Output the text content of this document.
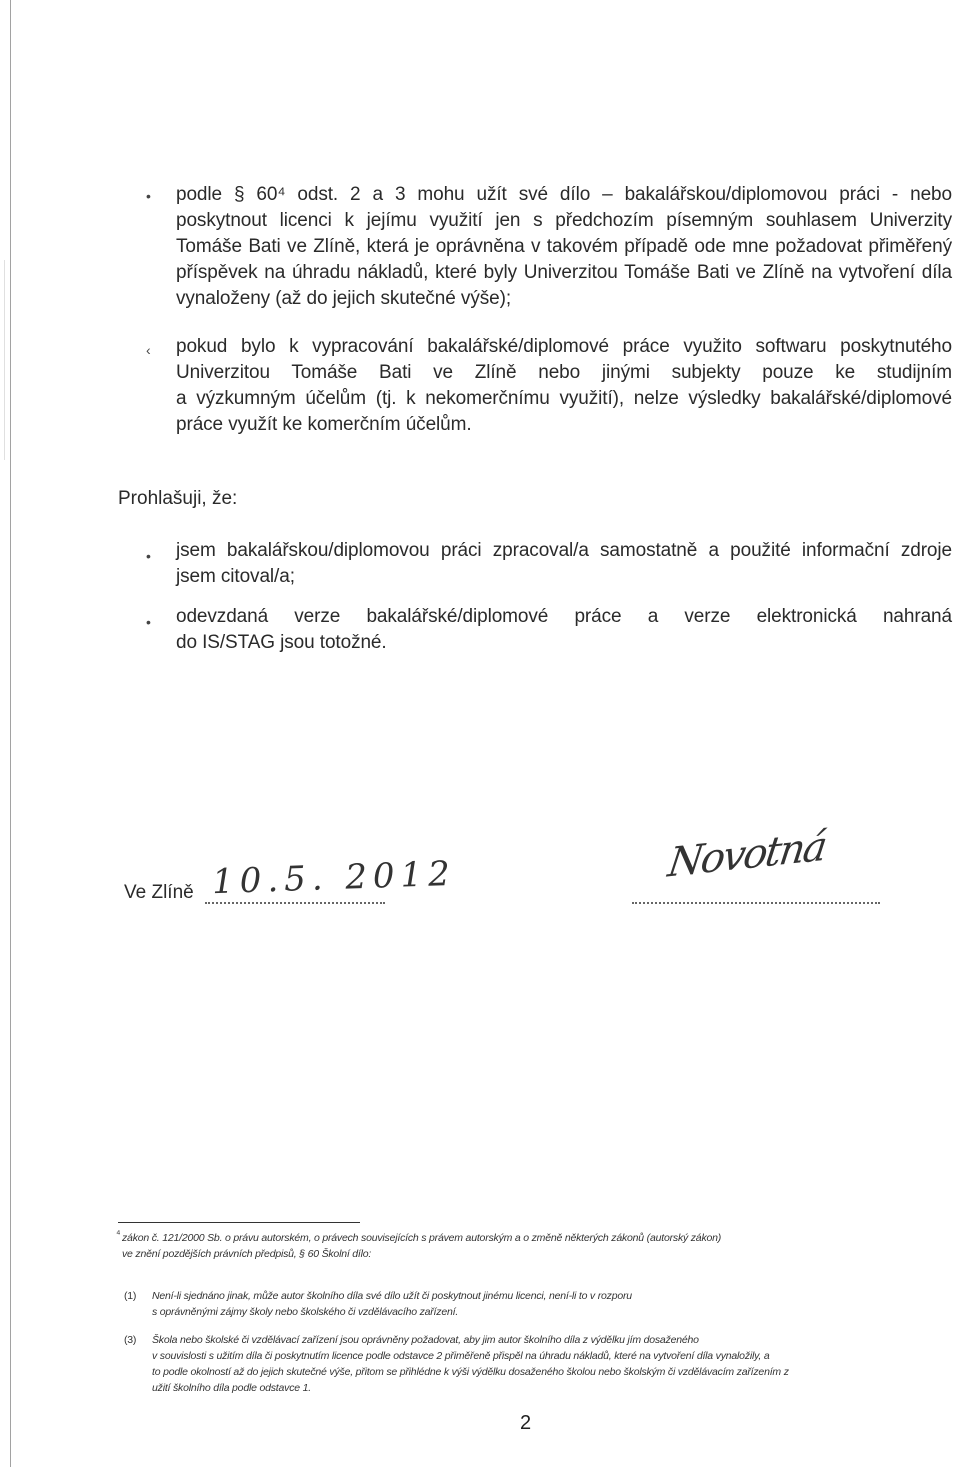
• podle § 60⁴ odst. 2 a 3 mohu užít své dílo – bakalářskou/diplomovou práci - nebo
poskytnout licenci k jejímu využití jen s předchozím písemným souhlasem Univerzity
Tomáše Bati ve Zlíně, která je oprávněna v takovém případě ode mne požadovat přiměřený
příspěvek na úhradu nákladů, které byly Univerzitou Tomáše Bati ve Zlíně na vytvoření díla
vynaloženy (až do jejich skutečné výše);
‹ pokud bylo k vypracování bakalářské/diplomové práce využito softwaru poskytnutého
Univerzitou Tomáše Bati ve Zlíně nebo jinými subjekty pouze ke studijním
a výzkumným účelům (tj. k nekomerčnímu využití), nelze výsledky bakalářské/diplomové
práce využít ke komerčním účelům.
Prohlašuji, že:
• jsem bakalářskou/diplomovou práci zpracoval/a samostatně a použité informační zdroje
jsem citoval/a;
• odevzdaná verze bakalářské/diplomové práce a verze elektronická nahraná
do IS/STAG jsou totožné.
Ve Zlíně 10.5. 2012	Novotná
⁴ zákon č. 121/2000 Sb. o právu autorském, o právech souvisejících s právem autorským a o změně některých zákonů (autorský zákon)
ve znění pozdějších právních předpisů, § 60 Školní dílo:
(1) Není-li sjednáno jinak, může autor školního díla své dílo užít či poskytnout jinému licenci, není-li to v rozporu
s oprávněnými zájmy školy nebo školského či vzdělávacího zařízení.
(3) Škola nebo školské či vzdělávací zařízení jsou oprávněny požadovat, aby jim autor školního díla z výdělku jím dosaženého
v souvislosti s užitím díla či poskytnutím licence podle odstavce 2 přiměřeně přispěl na úhradu nákladů, které na vytvoření díla vynaložily, a
to podle okolností až do jejich skutečné výše, přitom se přihlédne k výši výdělku dosaženého školou nebo školským či vzdělávacím zařízením z
užití školního díla podle odstavce 1.
2
